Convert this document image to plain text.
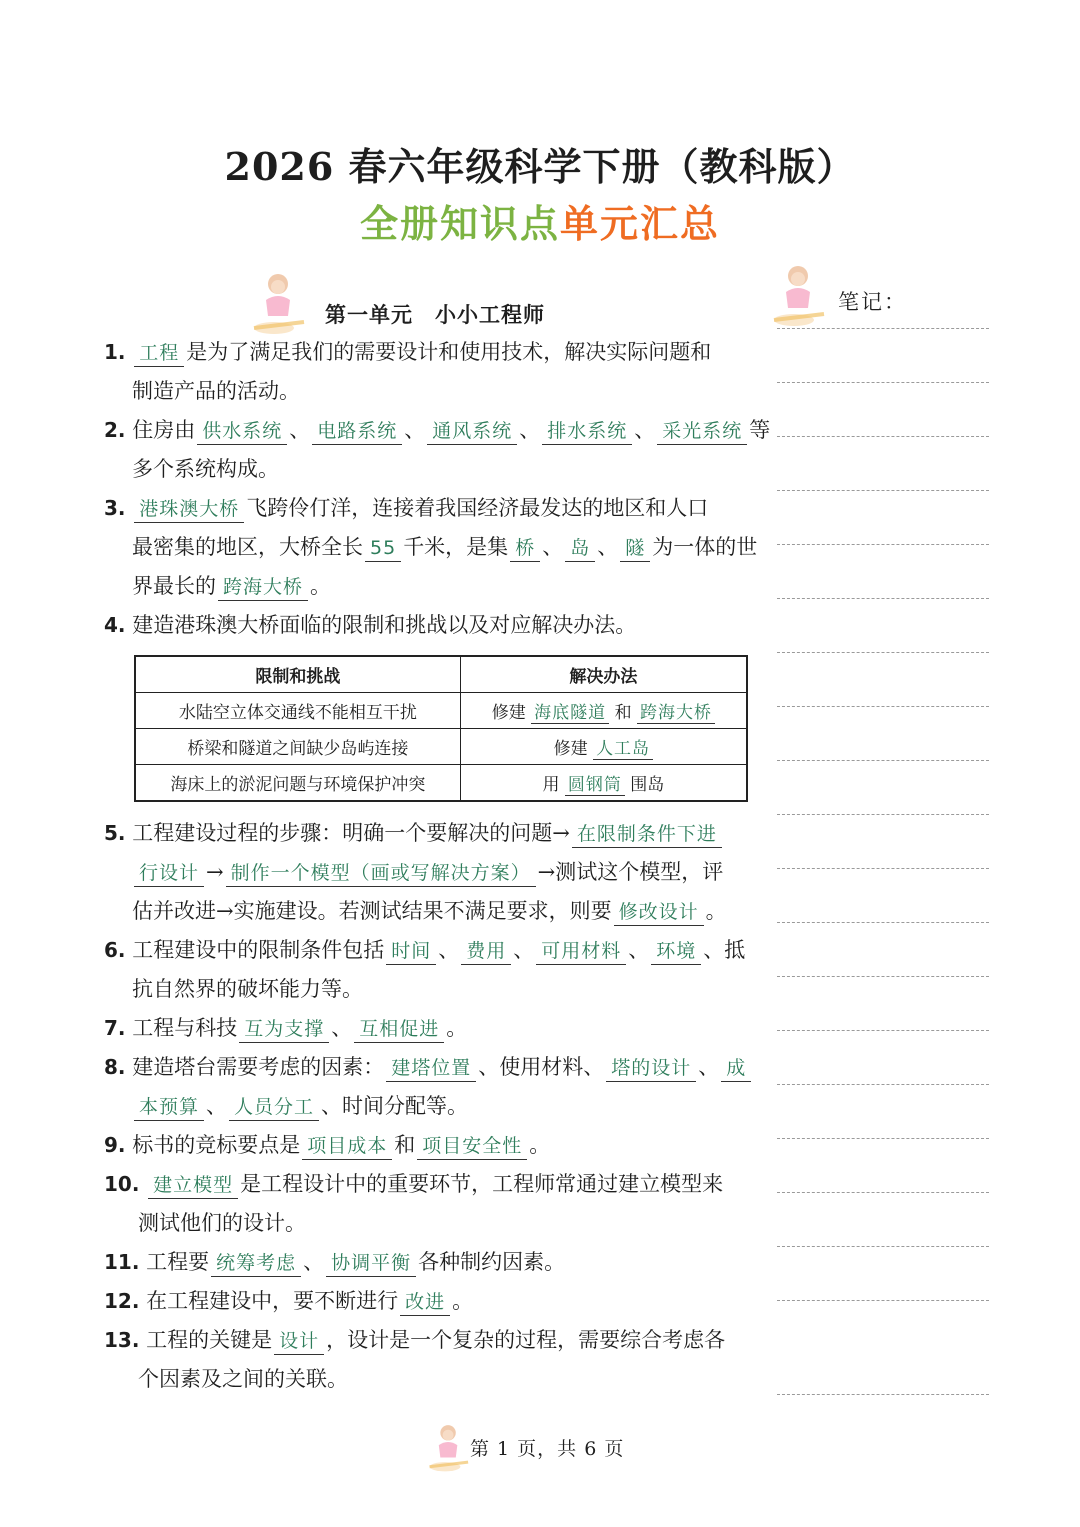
2026 春六年级科学下册（教科版）
全册知识点单元汇总
第一单元 小小工程师	笔记：
1. 工程 是为了满足我们的需要设计和使用技术，解决实际问题和
制造产品的活动。
2. 住房由 供水系统 、 电路系统 、 通风系统 、 排水系统 、 采光系统 等
多个系统构成。
3. 港珠澳大桥 飞跨伶仃洋，连接着我国经济最发达的地区和人口
最密集的地区，大桥全长 55 千米，是集 桥 、 岛 、 隧 为一体的世
界最长的 跨海大桥 。
4. 建造港珠澳大桥面临的限制和挑战以及对应解决办法。
限制和挑战	解决办法
水陆空立体交通线不能相互干扰	修建 海底隧道 和 跨海大桥
桥梁和隧道之间缺少岛屿连接	修建 人工岛
海床上的淤泥问题与环境保护冲突	用 圆钢筒 围岛
5. 工程建设过程的步骤：明确一个要解决的问题→ 在限制条件下进
行设计 → 制作一个模型（画或写解决方案） →测试这个模型，评
估并改进→实施建设。若测试结果不满足要求，则要 修改设计 。
6. 工程建设中的限制条件包括 时间 、 费用 、 可用材料 、 环境 、抵
抗自然界的破坏能力等。
7. 工程与科技 互为支撑 、 互相促进 。
8. 建造塔台需要考虑的因素： 建塔位置 、使用材料、 塔的设计 、 成
本预算 、 人员分工 、时间分配等。
9. 标书的竞标要点是 项目成本 和 项目安全性 。
10. 建立模型 是工程设计中的重要环节，工程师常通过建立模型来
测试他们的设计。
11. 工程要 统筹考虑 、 协调平衡 各种制约因素。
12. 在工程建设中，要不断进行 改进 。
13. 工程的关键是 设计 ，设计是一个复杂的过程，需要综合考虑各
个因素及之间的关联。
第 1 页，共 6 页
